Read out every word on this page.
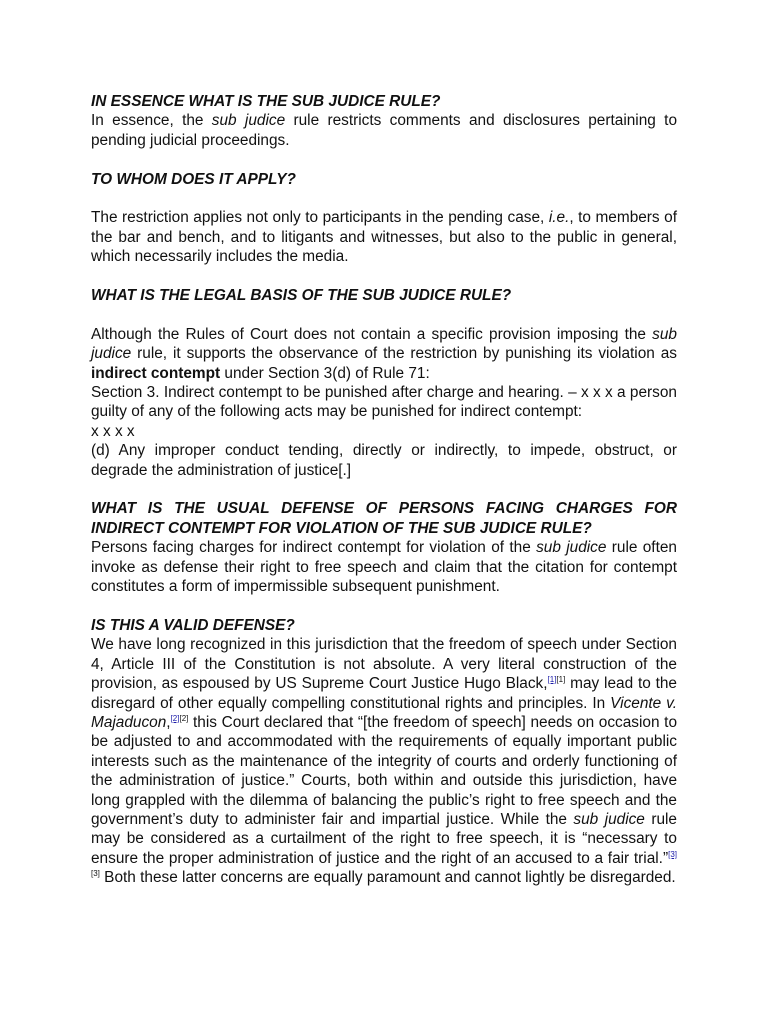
IN ESSENCE WHAT IS THE SUB JUDICE RULE?

In essence, the sub judice rule restricts comments and disclosures pertaining to pending judicial proceedings.

TO WHOM DOES IT APPLY?

The restriction applies not only to participants in the pending case, i.e., to members of the bar and bench, and to litigants and witnesses, but also to the public in general, which necessarily includes the media.

WHAT IS THE LEGAL BASIS OF THE SUB JUDICE RULE?

Although the Rules of Court does not contain a specific provision imposing the sub judice rule, it supports the observance of the restriction by punishing its violation as indirect contempt under Section 3(d) of Rule 71:

Section 3. Indirect contempt to be punished after charge and hearing. – x x x a person guilty of any of the following acts may be punished for indirect contempt:

x x x x

(d) Any improper conduct tending, directly or indirectly, to impede, obstruct, or degrade the administration of justice[.]

WHAT IS THE USUAL DEFENSE OF PERSONS FACING CHARGES FOR INDIRECT CONTEMPT FOR VIOLATION OF THE SUB JUDICE RULE?

Persons facing charges for indirect contempt for violation of the sub judice rule often invoke as defense their right to free speech and claim that the citation for contempt constitutes a form of impermissible subsequent punishment.

IS THIS A VALID DEFENSE?

We have long recognized in this jurisdiction that the freedom of speech under Section 4, Article III of the Constitution is not absolute. A very literal construction of the provision, as espoused by US Supreme Court Justice Hugo Black,[1][1] may lead to the disregard of other equally compelling constitutional rights and principles. In Vicente v. Majaducon,[2][2] this Court declared that “[the freedom of speech] needs on occasion to be adjusted to and accommodated with the requirements of equally important public interests such as the maintenance of the integrity of courts and orderly functioning of the administration of justice.” Courts, both within and outside this jurisdiction, have long grappled with the dilemma of balancing the public’s right to free speech and the government’s duty to administer fair and impartial justice. While the sub judice rule may be considered as a curtailment of the right to free speech, it is “necessary to ensure the proper administration of justice and the right of an accused to a fair trial.”[3][3] Both these latter concerns are equally paramount and cannot lightly be disregarded.
